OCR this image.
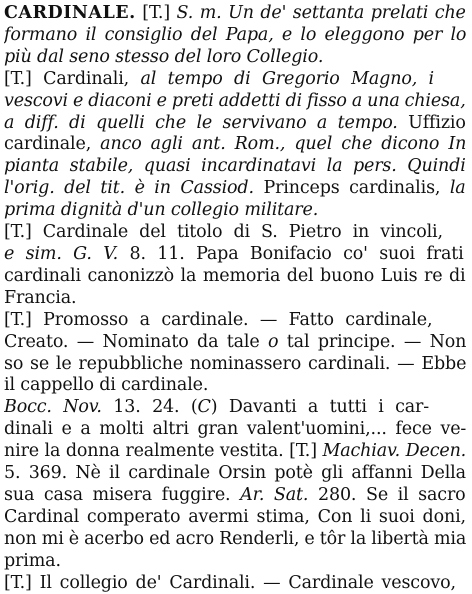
CARDINALE. [T.] S. m. Un de' settanta prelati che
formano il consiglio del Papa, e lo eleggono per lo
più dal seno stesso del loro Collegio.
[T.] Cardinali, al tempo di Gregorio Magno, i
vescovi e diaconi e preti addetti di fisso a una chiesa,
a diff. di quelli che le servivano a tempo. Uffizio
cardinale, anco agli ant. Rom., quel che dicono In
pianta stabile, quasi incardinatavi la pers. Quindi
l'orig. del tit. è in Cassiod. Princeps cardinalis, la
prima dignità d'un collegio militare.
[T.] Cardinale del titolo di S. Pietro in vincoli,
e sim. G. V. 8. 11. Papa Bonifacio co' suoi frati
cardinali canonizzò la memoria del buono Luis re di
Francia.
[T.] Promosso a cardinale. — Fatto cardinale,
Creato. — Nominato da tale o tal principe. — Non
so se le repubbliche nominassero cardinali. — Ebbe
il cappello di cardinale.
Bocc. Nov. 13. 24. (C) Davanti a tutti i car-
dinali e a molti altri gran valent'uomini,... fece ve-
nire la donna realmente vestita. [T.] Machiav. Decen.
5. 369. Nè il cardinale Orsin potè gli affanni Della
sua casa misera fuggire. Ar. Sat. 280. Se il sacro
Cardinal comperato avermi stima, Con li suoi doni,
non mi è acerbo ed acro Renderli, e tôr la libertà mia
prima.
[T.] Il collegio de' Cardinali. — Cardinale vescovo,
